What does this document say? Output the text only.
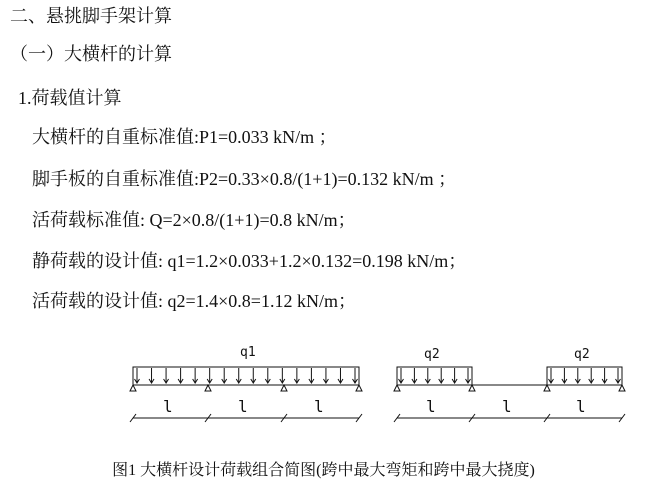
二、悬挑脚手架计算
（一）大横杆的计算
1.荷载值计算
大横杆的自重标准值:P1=0.033 kN/m ；
脚手板的自重标准值:P2=0.33×0.8/(1+1)=0.132 kN/m ；
活荷载标准值: Q=2×0.8/(1+1)=0.8 kN/m；
静荷载的设计值: q1=1.2×0.033+1.2×0.132=0.198 kN/m；
活荷载的设计值: q2=1.4×0.8=1.12 kN/m；
q1	q2	q2
l	l	l	l	l	l
图1 大横杆设计荷载组合简图(跨中最大弯矩和跨中最大挠度)
